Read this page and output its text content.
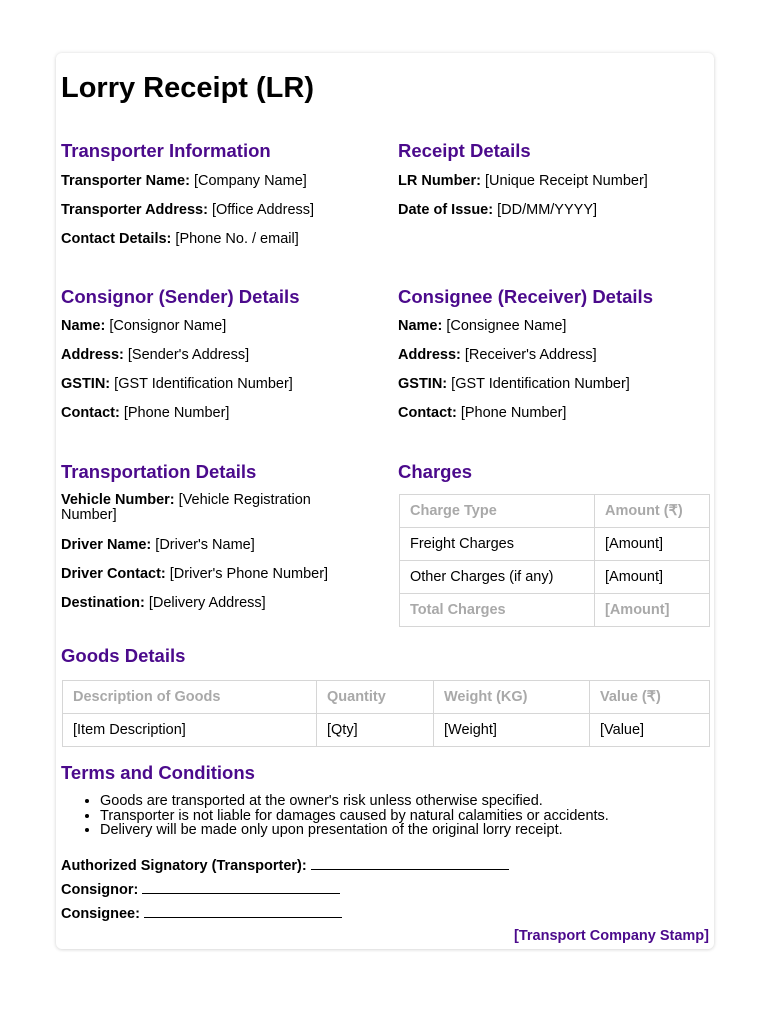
Lorry Receipt (LR)
Transporter Information
Transporter Name: [Company Name]
Transporter Address: [Office Address]
Contact Details: [Phone No. / email]
Receipt Details
LR Number: [Unique Receipt Number]
Date of Issue: [DD/MM/YYYY]
Consignor (Sender) Details
Name: [Consignor Name]
Address: [Sender's Address]
GSTIN: [GST Identification Number]
Contact: [Phone Number]
Consignee (Receiver) Details
Name: [Consignee Name]
Address: [Receiver's Address]
GSTIN: [GST Identification Number]
Contact: [Phone Number]
Transportation Details
Vehicle Number: [Vehicle Registration Number]
Driver Name: [Driver's Name]
Driver Contact: [Driver's Phone Number]
Destination: [Delivery Address]
Charges
Charge Type	Amount (₹)
Freight Charges	[Amount]
Other Charges (if any)	[Amount]
Total Charges	[Amount]
Goods Details
Description of Goods	Quantity	Weight (KG)	Value (₹)
[Item Description]	[Qty]	[Weight]	[Value]
Terms and Conditions
• Goods are transported at the owner's risk unless otherwise specified.
• Transporter is not liable for damages caused by natural calamities or accidents.
• Delivery will be made only upon presentation of the original lorry receipt.
Authorized Signatory (Transporter):
Consignor:
Consignee:
[Transport Company Stamp]
